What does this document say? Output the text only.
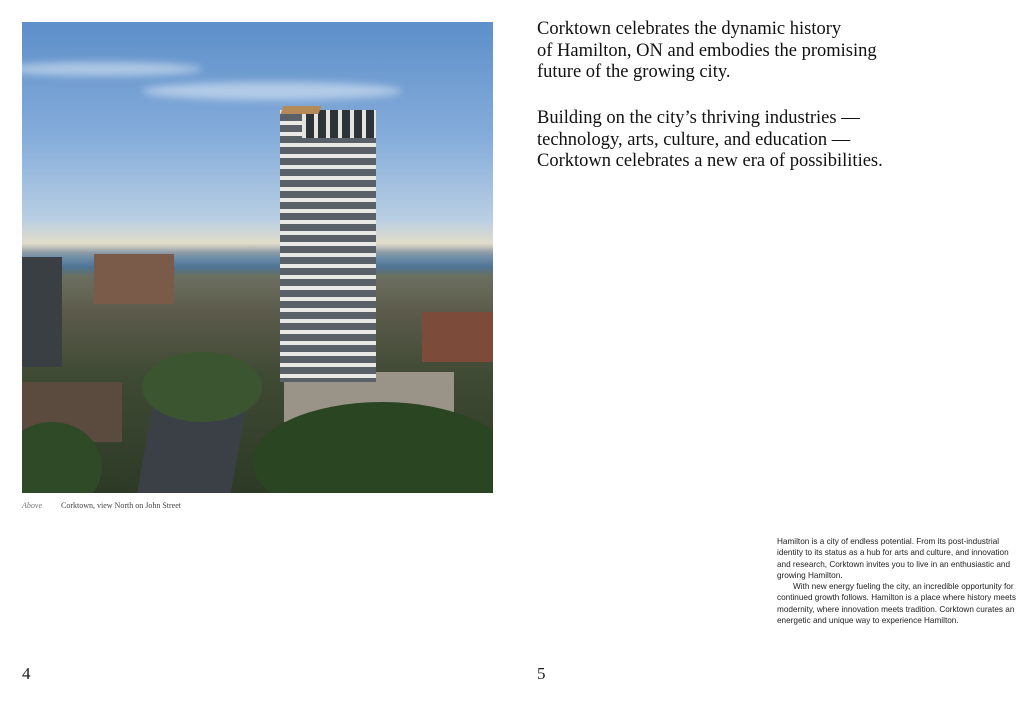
Above Corktown, view North on John Street

Corktown celebrates the dynamic history
of Hamilton, ON and embodies the promising
future of the growing city.

Building on the city’s thriving industries —
technology, arts, culture, and education —
Corktown celebrates a new era of possibilities.

Hamilton is a city of endless potential. From its post-industrial identity to its status as a hub for arts and culture, and innovation and research, Corktown invites you to live in an enthusiastic and growing Hamilton.

With new energy fueling the city, an incredible opportunity for continued growth follows. Hamilton is a place where history meets modernity, where innovation meets tradition. Corktown curates an energetic and unique way to experience Hamilton.

4	5
